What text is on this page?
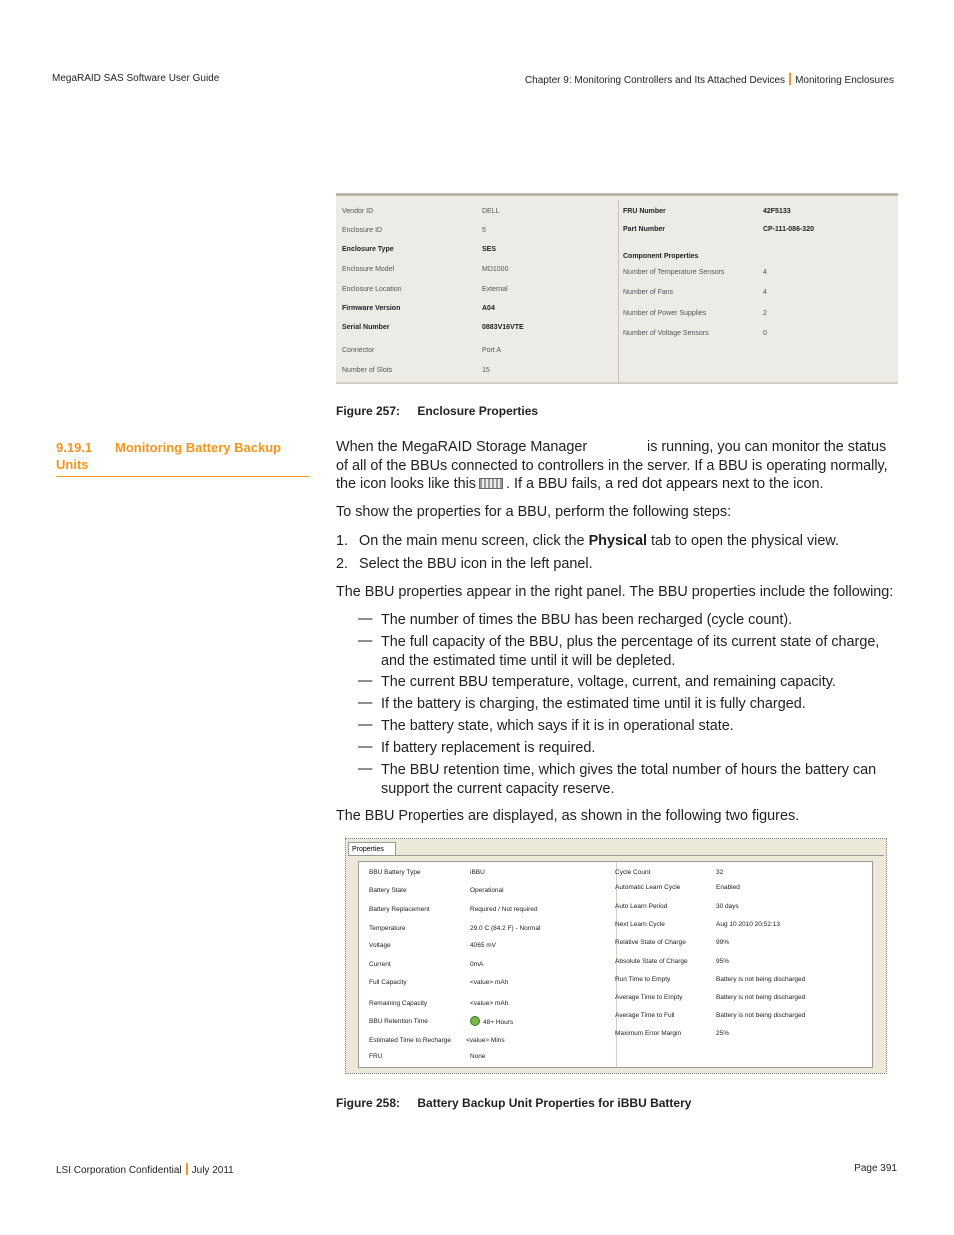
MegaRAID SAS Software User Guide	Chapter 9: Monitoring Controllers and Its Attached Devices Monitoring Enclosures
Vendor ID	DELL
Enclosure ID	5
Enclosure Type	SES
Enclosure Model	MD1000
Enclosure Location	External
Firmware Version	A04
Serial Number	0883V16VTE
Connector	Port A
Number of Slots	15
FRU Number	42F5133
Part Number	CP-111-086-320
Component Properties
Number of Temperature Sensors	4
Number of Fans	4
Number of Power Supplies	2
Number of Voltage Sensors	0
Figure 257: Enclosure Properties
9.19.1 Monitoring Battery Backup
Units
When the MegaRAID Storage Manager	is running, you can monitor the status
of all of the BBUs connected to controllers in the server. If a BBU is operating normally,
the icon looks like this . If a BBU fails, a red dot appears next to the icon.
To show the properties for a BBU, perform the following steps:
1. On the main menu screen, click the Physical tab to open the physical view.
2. Select the BBU icon in the left panel.
The BBU properties appear in the right panel. The BBU properties include the following:
— The number of times the BBU has been recharged (cycle count).
— The full capacity of the BBU, plus the percentage of its current state of charge,
and the estimated time until it will be depleted.
— The current BBU temperature, voltage, current, and remaining capacity.
— If the battery is charging, the estimated time until it is fully charged.
— The battery state, which says if it is in operational state.
— If battery replacement is required.
— The BBU retention time, which gives the total number of hours the battery can
support the current capacity reserve.
The BBU Properties are displayed, as shown in the following two figures.
Properties
BBU Battery Type	iBBU
Battery State	Operational
Battery Replacement	Required / Not required
Temperature	29.0 C (84.2 F) - Normal
Voltage	4065 mV
Current	0mA
Full Capacity	<value> mAh
Remaining Capacity	<value> mAh
BBU Retention Time	48+ Hours
Estimated Time to Recharge <value> Mins
FRU	None
Cycle Count	32
Automatic Learn Cycle	Enabled
Auto Learn Period	30 days
Next Learn Cycle	Aug 10 2010 20:52:13
Relative State of Charge	99%
Absolute State of Charge	95%
Run Time to Empty	Battery is not being discharged
Average Time to Empty	Battery is not being discharged
Average Time to Full	Battery is not being discharged
Maximum Error Margin	25%
Figure 258: Battery Backup Unit Properties for iBBU Battery
LSI Corporation Confidential July 2011	Page 391
